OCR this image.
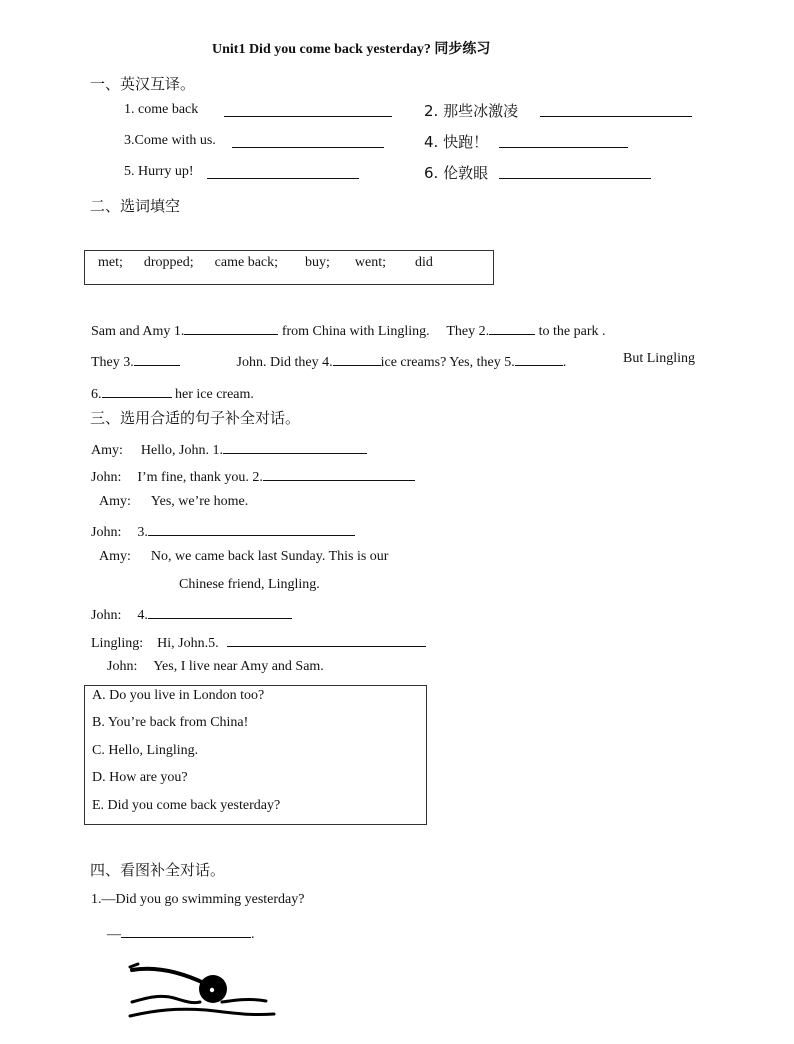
Unit1 Did you come back yesterday? 同步练习
一、英汉互译。
1. come back	2. 那些冰激凌
3.Come with us.	4. 快跑！
5. Hurry up!	6. 伦敦眼
二、选词填空
met; dropped; came back; buy; went; did
Sam and Amy 1.	from China with Lingling. They 2.	to the park .
They 3.	John. Did they 4.	ice creams? Yes, they 5.	.	But Lingling
6.	her ice cream.
三、选用合适的句子补全对话。
Amy: Hello, John. 1.
John: I’m fine, thank you. 2.
Amy: Yes, we’re home.
John: 3.
Amy: No, we came back last Sunday. This is our
Chinese friend, Lingling.
John: 4.
Lingling: Hi, John.5.
John: Yes, I live near Amy and Sam.
A. Do you live in London too?
B. You’re back from China!
C. Hello, Lingling.
D. How are you?
E. Did you come back yesterday?
四、看图补全对话。
1.—Did you go swimming yesterday?
—	.
